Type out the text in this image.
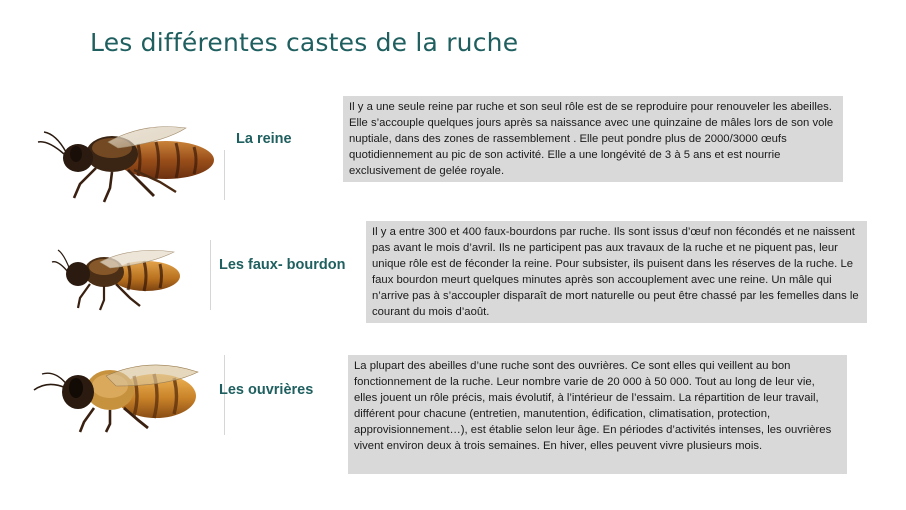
Les différentes castes de la ruche
La reine
Il y a une seule reine par ruche et son seul rôle est de se reproduire pour renouveler les abeilles. Elle s’accouple quelques jours après sa naissance avec une quinzaine de mâles lors de son vole nuptiale, dans des zones de rassemblement . Elle peut pondre plus de 2000/3000 œufs quotidiennement au pic de son activité. Elle a une longévité de 3 à 5 ans et est nourrie exclusivement de gelée royale.
Les faux- bourdon
Il y a entre 300 et 400 faux-bourdons par ruche. Ils sont issus d’œuf non fécondés et ne naissent pas avant le mois d’avril. Ils ne participent pas aux travaux de la ruche et ne piquent pas, leur unique rôle est de féconder la reine. Pour subsister, ils puisent dans les réserves de la ruche. Le faux bourdon meurt quelques minutes après son accouplement avec une reine. Un mâle qui n’arrive pas à s’accoupler disparaît de mort naturelle ou peut être chassé par les femelles dans le courant du mois d’août.
Les ouvrières
La plupart des abeilles d’une ruche sont des ouvrières. Ce sont elles qui veillent au bon fonctionnement de la ruche. Leur nombre varie de 20 000 à 50 000. Tout au long de leur vie, elles jouent un rôle précis, mais évolutif, à l’intérieur de l’essaim. La répartition de leur travail, différent pour chacune (entretien, manutention, édification, climatisation, protection, approvisionnement…), est établie selon leur âge. En périodes d’activités intenses, les ouvrières vivent environ deux à trois semaines. En hiver, elles peuvent vivre plusieurs mois.
